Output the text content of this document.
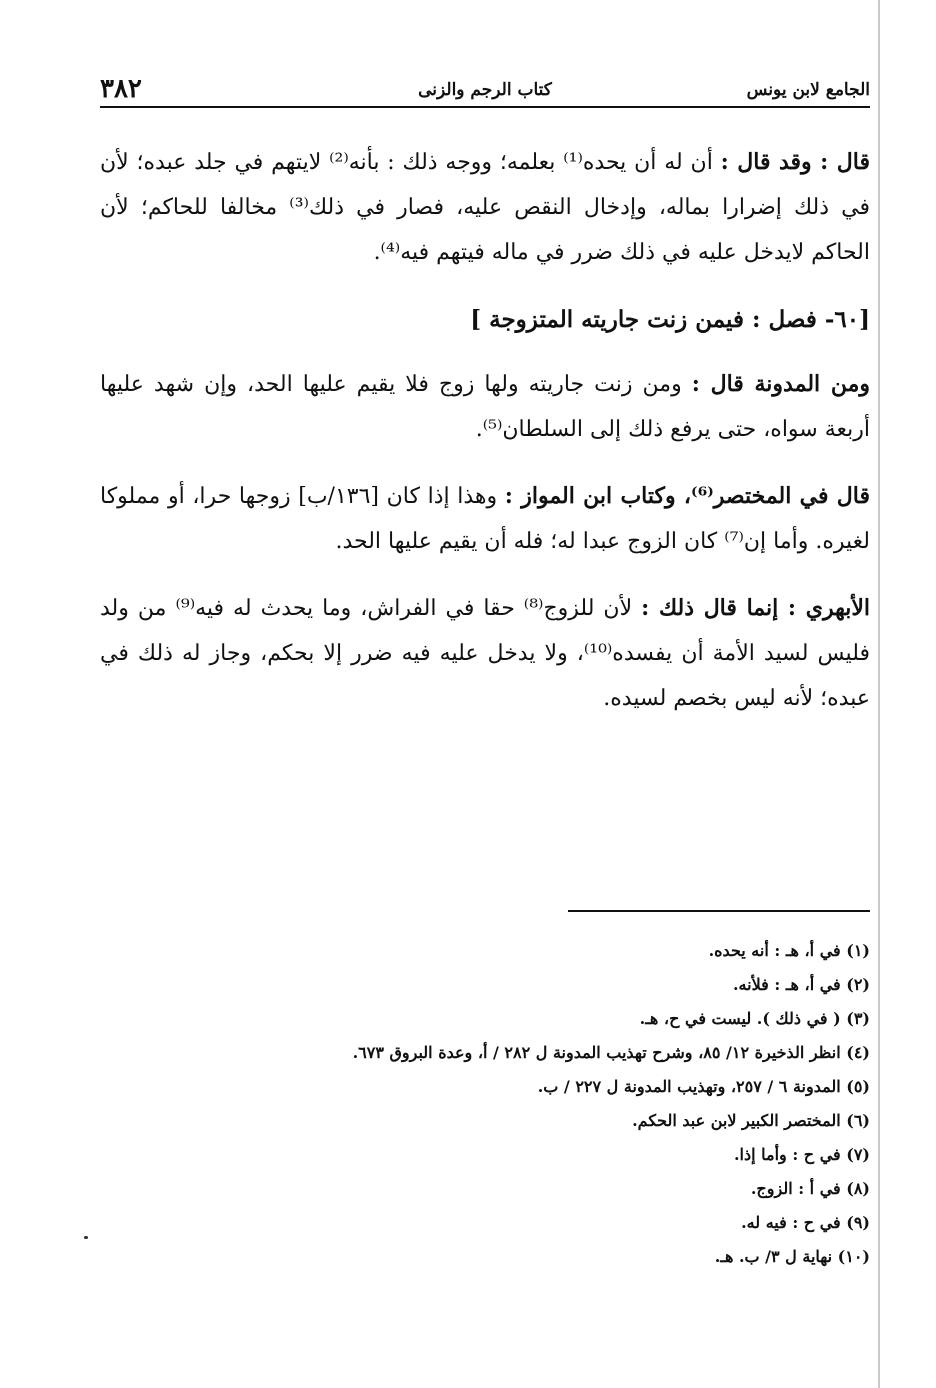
الجامع لابن يونس
كتاب الرجم والزنى
٣٨٢

قال : وقد قال : أن له أن يحده⁽¹⁾ بعلمه؛ ووجه ذلك : بأنه⁽²⁾ لايتهم في جلد عبده؛ لأن في ذلك إضرارا بماله، وإدخال النقص عليه، فصار في ذلك⁽³⁾ مخالفا للحاكم؛ لأن الحاكم لايدخل عليه في ذلك ضرر في ماله فيتهم فيه⁽⁴⁾.

[٦٠- فصل : فيمن زنت جاريته المتزوجة ]

ومن المدونة قال : ومن زنت جاريته ولها زوج فلا يقيم عليها الحد، وإن شهد عليها أربعة سواه، حتى يرفع ذلك إلى السلطان⁽⁵⁾.

قال في المختصر⁽⁶⁾، وكتاب ابن المواز : وهذا إذا كان [١٣٦/ب] زوجها حرا، أو مملوكا لغيره. وأما إن⁽⁷⁾ كان الزوج عبدا له؛ فله أن يقيم عليها الحد.

الأبهري : إنما قال ذلك : لأن للزوج⁽⁸⁾ حقا في الفراش، وما يحدث له فيه⁽⁹⁾ من ولد فليس لسيد الأمة أن يفسده⁽¹⁰⁾، ولا يدخل عليه فيه ضرر إلا بحكم، وجاز له ذلك في عبده؛ لأنه ليس بخصم لسيده.

(١) في أ، هـ : أنه يحده.
(٢) في أ، هـ : فلأنه.
(٣) ( في ذلك ). ليست في ح، هـ.
(٤) انظر الذخيرة ١٢/ ٨٥، وشرح تهذيب المدونة ل ٢٨٢ / أ، وعدة البروق ٦٧٣.
(٥) المدونة ٦ / ٢٥٧، وتهذيب المدونة ل ٢٢٧ / ب.
(٦) المختصر الكبير لابن عبد الحكم.
(٧) في ح : وأما إذا.
(٨) في أ : الزوج.
(٩) في ح : فيه له.
(١٠) نهاية ل ٣/ ب. هـ.
